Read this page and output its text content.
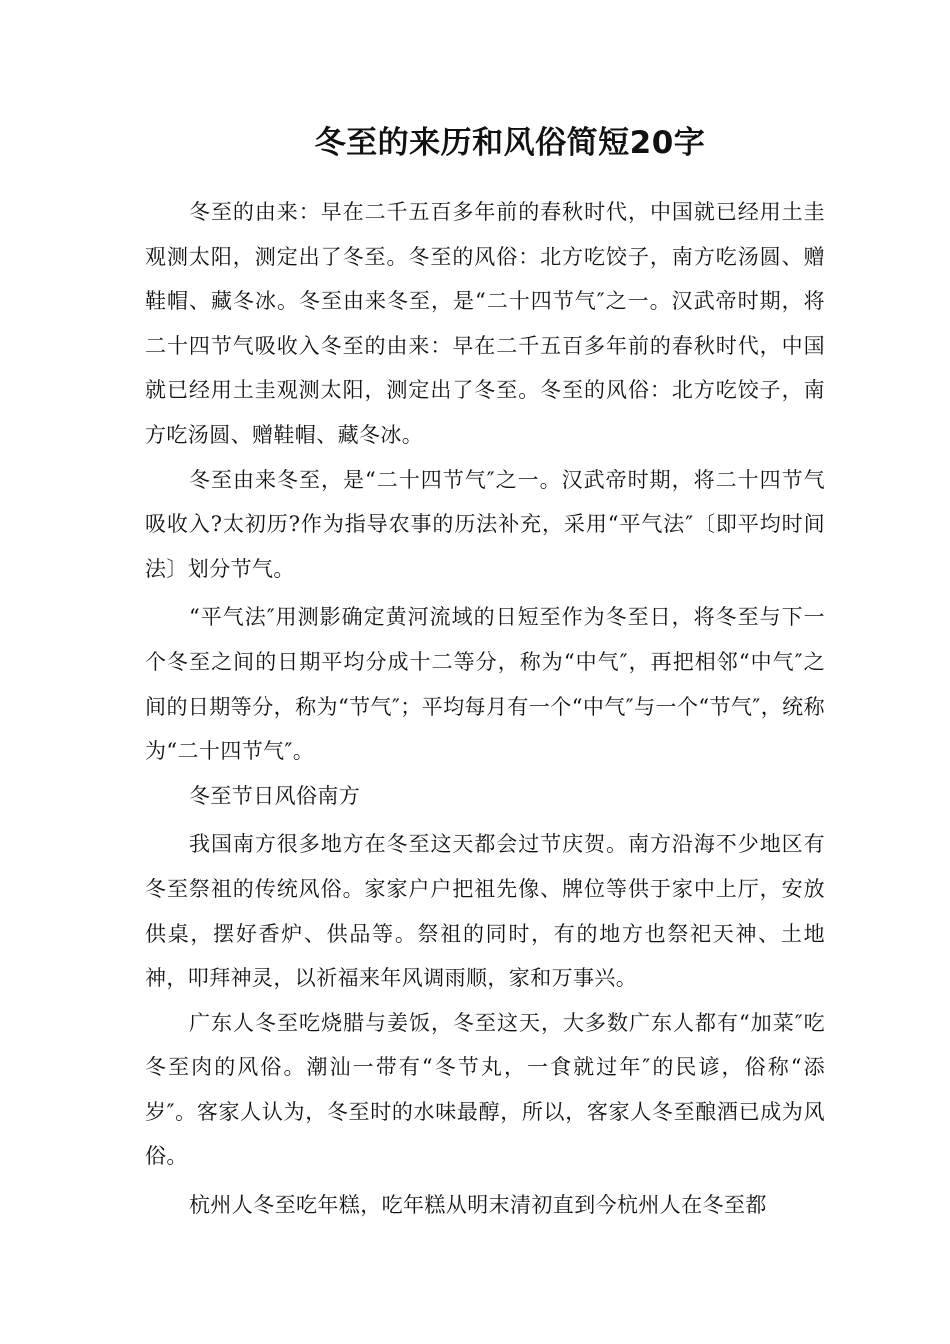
冬至的来历和风俗简短20字

冬至的由来：早在二千五百多年前的春秋时代，中国就已经用土圭观测太阳，测定出了冬至。冬至的风俗：北方吃饺子，南方吃汤圆、赠鞋帽、藏冬冰。冬至由来冬至，是“二十四节气″之一。汉武帝时期，将二十四节气吸收入冬至的由来：早在二千五百多年前的春秋时代，中国就已经用土圭观测太阳，测定出了冬至。冬至的风俗：北方吃饺子，南方吃汤圆、赠鞋帽、藏冬冰。

冬至由来冬至，是“二十四节气″之一。汉武帝时期，将二十四节气吸收入?太初历?作为指导农事的历法补充，采用“平气法″〔即平均时间法〕划分节气。

“平气法″用测影确定黄河流域的日短至作为冬至日，将冬至与下一个冬至之间的日期平均分成十二等分，称为“中气″，再把相邻“中气″之间的日期等分，称为“节气″；平均每月有一个“中气″与一个“节气″，统称为“二十四节气″。

冬至节日风俗南方

我国南方很多地方在冬至这天都会过节庆贺。南方沿海不少地区有冬至祭祖的传统风俗。家家户户把祖先像、牌位等供于家中上厅，安放供桌，摆好香炉、供品等。祭祖的同时，有的地方也祭祀天神、土地神，叩拜神灵，以祈福来年风调雨顺，家和万事兴。

广东人冬至吃烧腊与姜饭，冬至这天，大多数广东人都有“加菜″吃冬至肉的风俗。潮汕一带有“冬节丸，一食就过年″的民谚，俗称“添岁″。客家人认为，冬至时的水味最醇，所以，客家人冬至酿酒已成为风俗。

杭州人冬至吃年糕，吃年糕从明末清初直到今杭州人在冬至都
